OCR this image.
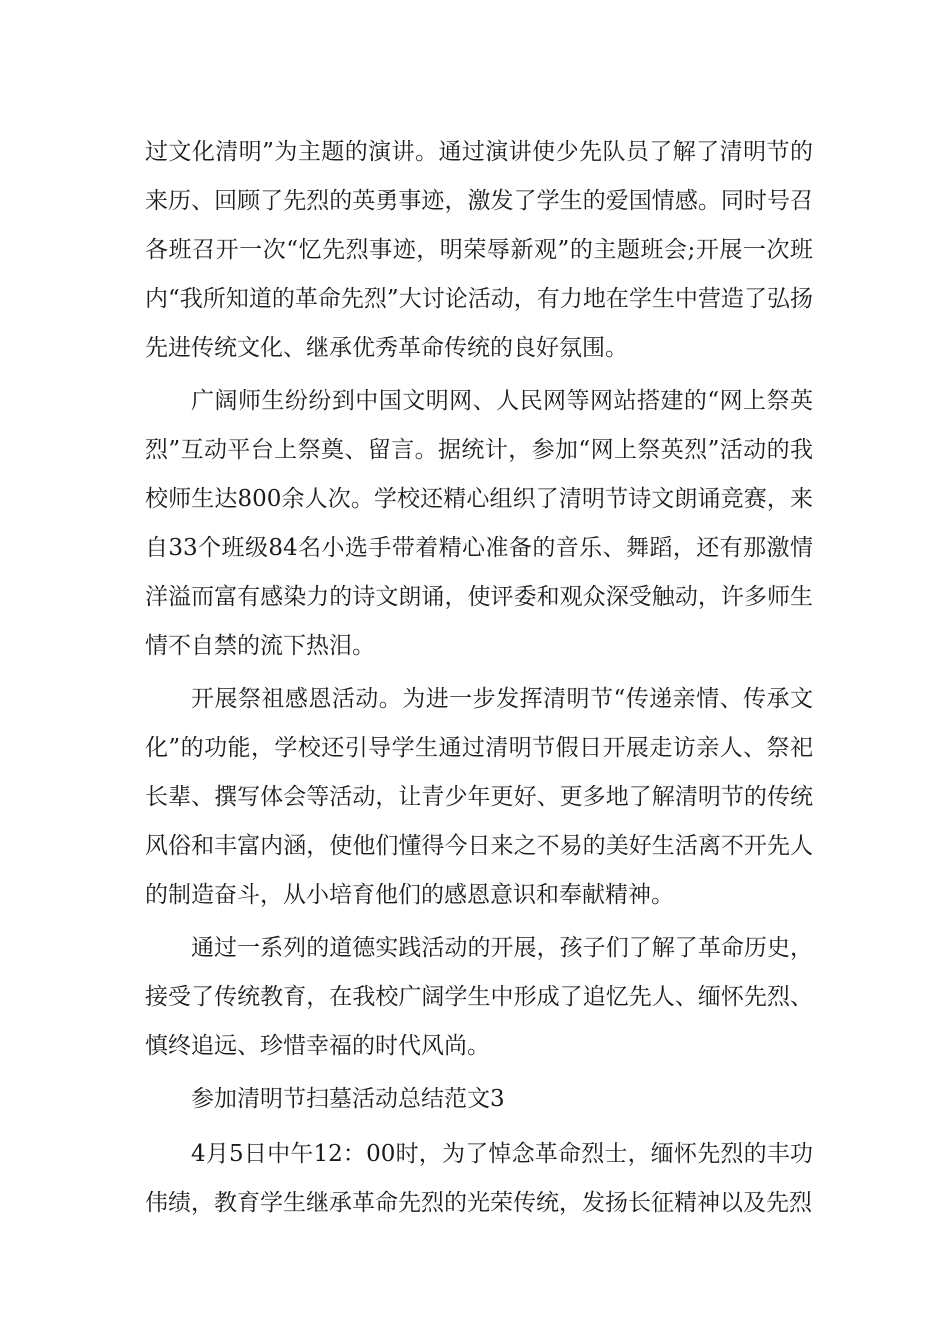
过文化清明”为主题的演讲。通过演讲使少先队员了解了清明节的来历、回顾了先烈的英勇事迹，激发了学生的爱国情感。同时号召各班召开一次“忆先烈事迹，明荣辱新观”的主题班会;开展一次班内“我所知道的革命先烈”大讨论活动，有力地在学生中营造了弘扬先进传统文化、继承优秀革命传统的良好氛围。

广阔师生纷纷到中国文明网、人民网等网站搭建的“网上祭英烈”互动平台上祭奠、留言。据统计，参加“网上祭英烈”活动的我校师生达800余人次。学校还精心组织了清明节诗文朗诵竞赛，来自33个班级84名小选手带着精心准备的音乐、舞蹈，还有那激情洋溢而富有感染力的诗文朗诵，使评委和观众深受触动，许多师生情不自禁的流下热泪。

开展祭祖感恩活动。为进一步发挥清明节“传递亲情、传承文化”的功能，学校还引导学生通过清明节假日开展走访亲人、祭祀长辈、撰写体会等活动，让青少年更好、更多地了解清明节的传统风俗和丰富内涵，使他们懂得今日来之不易的美好生活离不开先人的制造奋斗，从小培育他们的感恩意识和奉献精神。

通过一系列的道德实践活动的开展，孩子们了解了革命历史，接受了传统教育，在我校广阔学生中形成了追忆先人、缅怀先烈、慎终追远、珍惜幸福的时代风尚。

参加清明节扫墓活动总结范文3

4月5日中午12：00时，为了悼念革命烈士，缅怀先烈的丰功伟绩，教育学生继承革命先烈的光荣传统，发扬长征精神以及先烈
